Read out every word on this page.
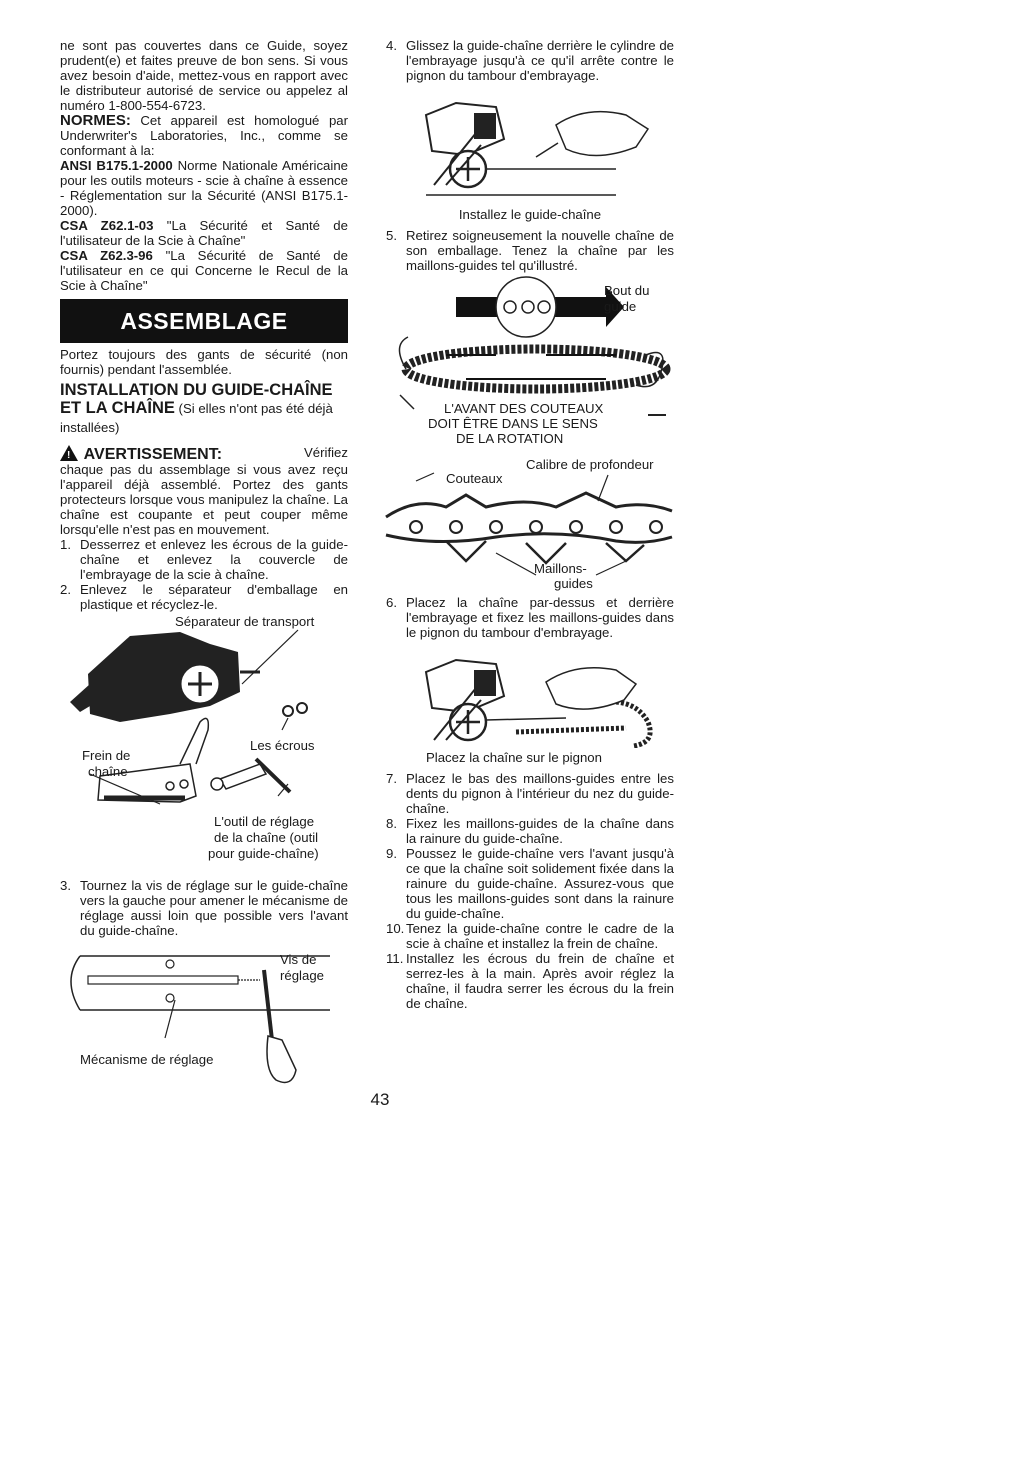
ne sont pas couvertes dans ce Guide, soyez prudent(e) et faites preuve de bon sens. Si vous avez besoin d'aide, mettez-vous en rapport avec le distributeur autorisé de service ou appelez al numéro 1-800-554-6723.

NORMES: Cet appareil est homologué par Underwriter's Laboratories, Inc., comme se conformant à la:

ANSI B175.1-2000 Norme Nationale Américaine pour les outils moteurs - scie à chaîne à essence - Réglementation sur la Sécurité (ANSI B175.1-2000).

CSA Z62.1-03 "La Sécurité et Santé de l'utilisateur de la Scie à Chaîne"

CSA Z62.3-96 "La Sécurité de Santé de l'utilisateur en ce qui Concerne le Recul de la Scie à Chaîne"

ASSEMBLAGE

Portez toujours des gants de sécurité (non fournis) pendant l'assemblée.

INSTALLATION DU GUIDE-CHAÎNE
ET LA CHAÎNE (Si elles n'ont pas été déjà installées)
! AVERTISSEMENT:	Vérifiez

chaque pas du assemblage si vous avez reçu l'appareil déjà assemblé. Portez des gants protecteurs lorsque vous manipulez la chaîne. La chaîne est coupante et peut couper même lorsqu'elle n'est pas en mouvement.

1. Desserrez et enlevez les écrous de la guide-chaîne et enlevez la couvercle de l'embrayage de la scie à chaîne.
2. Enlevez le séparateur d'emballage en plastique et récyclez-le.
Séparateur de transport
Les écrous
Frein de
chaîne
L'outil de réglage
de la chaîne (outil
pour guide-chaîne)
3. Tournez la vis de réglage sur le guide-chaîne vers la gauche pour amener le mécanisme de réglage aussi loin que possible vers l'avant du guide-chaîne.
Vis de
réglage
Mécanisme de réglage
4. Glissez la guide-chaîne derrière le cylindre de l'embrayage jusqu'à ce qu'il arrête contre le pignon du tambour d'embrayage.
Installez le guide-chaîne
5. Retirez soigneusement la nouvelle chaîne de son emballage. Tenez la chaîne par les maillons-guides tel qu'illustré.
Bout du
guide
L'AVANT DES COUTEAUX
DOIT ÊTRE DANS LE SENS
DE LA ROTATION
Calibre de profondeur
Couteaux
Maillons-
guides
6. Placez la chaîne par-dessus et derrière l'embrayage et fixez les maillons-guides dans le pignon du tambour d'embrayage.
Placez la chaîne sur le pignon
7. Placez le bas des maillons-guides entre les dents du pignon à l'intérieur du nez du guide-chaîne.
8. Fixez les maillons-guides de la chaîne dans la rainure du guide-chaîne.
9. Poussez le guide-chaîne vers l'avant jusqu'à ce que la chaîne soit solidement fixée dans la rainure du guide-chaîne. Assurez-vous que tous les maillons-guides sont dans la rainure du guide-chaîne.
10. Tenez la guide-chaîne contre le cadre de la scie à chaîne et installez la frein de chaîne.
11. Installez les écrous du frein de chaîne et serrez-les à la main. Après avoir réglez la chaîne, il faudra serrer les écrous du la frein de chaîne.
43
